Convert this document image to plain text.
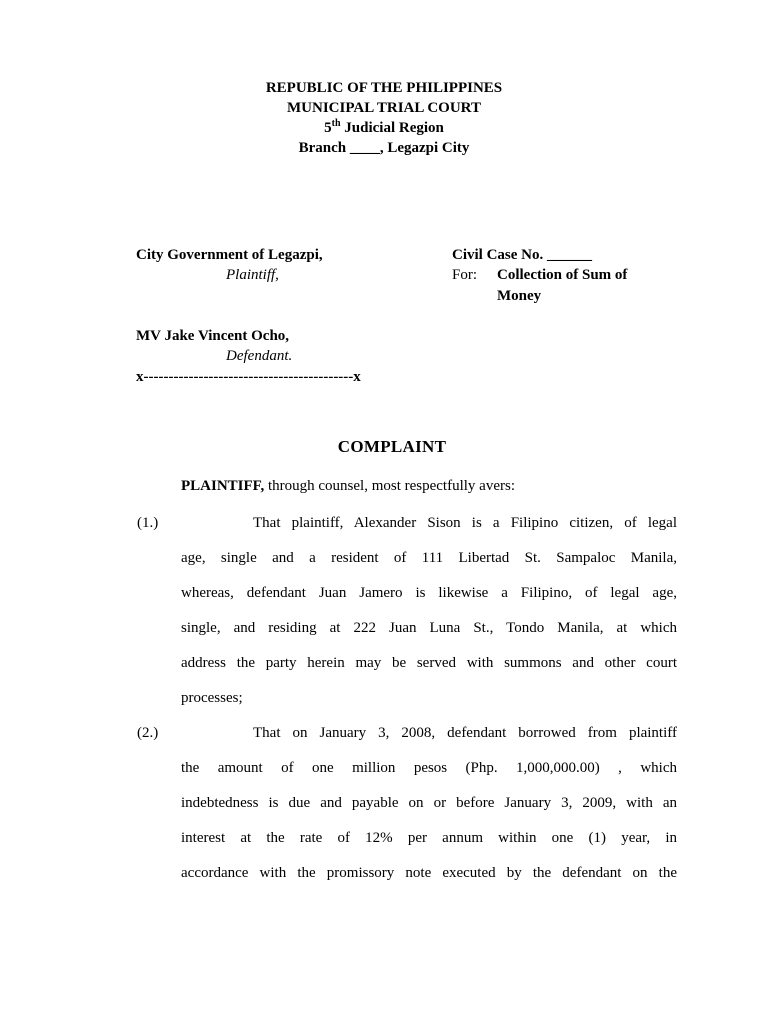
REPUBLIC OF THE PHILIPPINES
MUNICIPAL TRIAL COURT
5th Judicial Region
Branch ____, Legazpi City
City Government of Legazpi,
Plaintiff,
Civil Case No. ______
For: Collection of Sum of
Money
MV Jake Vincent Ocho,
Defendant.
x------------------------------------------x
COMPLAINT
PLAINTIFF, through counsel, most respectfully avers:
(1.)	That plaintiff, Alexander Sison is a Filipino citizen, of legal
age, single and a resident of 111 Libertad St. Sampaloc Manila,
whereas, defendant Juan Jamero is likewise a Filipino, of legal age,
single, and residing at 222 Juan Luna St., Tondo Manila, at which
address the party herein may be served with summons and other court
processes;
(2.)	That on January 3, 2008, defendant borrowed from plaintiff
the amount of one million pesos (Php. 1,000,000.00) , which
indebtedness is due and payable on or before January 3, 2009, with an
interest at the rate of 12% per annum within one (1) year, in
accordance with the promissory note executed by the defendant on the
